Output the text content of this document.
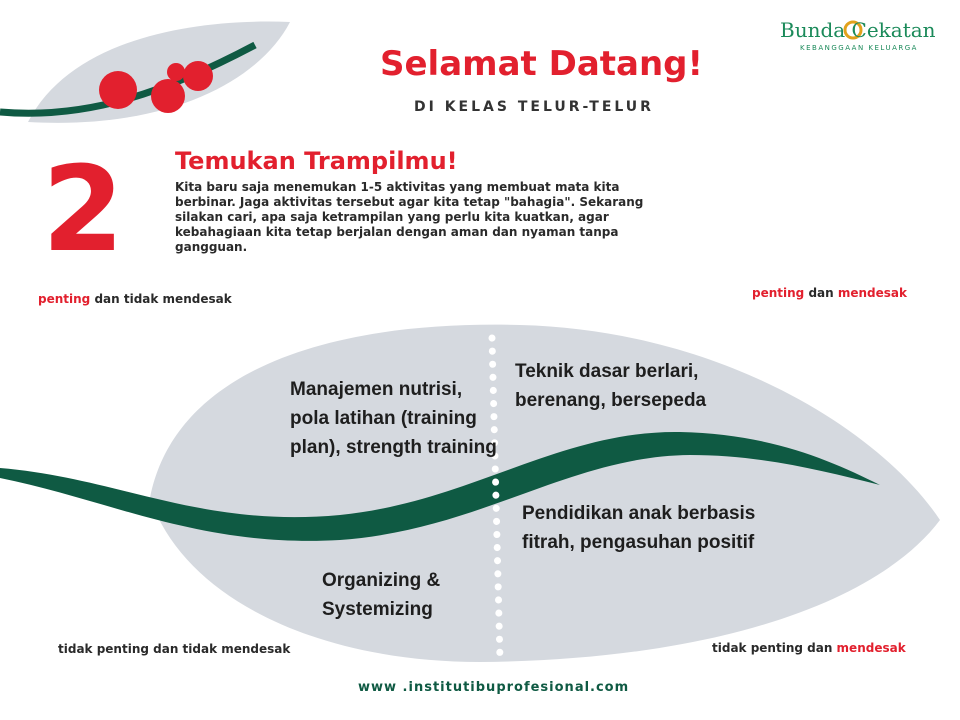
Bunda Cekatan
KEBANGGAAN KELUARGA
Selamat Datang!
DI KELAS TELUR-TELUR
2 Temukan Trampilmu!
Kita baru saja menemukan 1-5 aktivitas yang membuat mata kita berbinar. Jaga aktivitas tersebut agar kita tetap "bahagia". Sekarang silakan cari, apa saja ketrampilan yang perlu kita kuatkan, agar kebahagiaan kita tetap berjalan dengan aman dan nyaman tanpa gangguan.
penting dan tidak mendesak	penting dan mendesak
tidak penting dan tidak mendesak	tidak penting dan mendesak
Manajemen nutrisi, pola latihan (training plan), strength training
Teknik dasar berlari, berenang, bersepeda
Pendidikan anak berbasis fitrah, pengasuhan positif
Organizing & Systemizing
www .institutibuprofesional.com
